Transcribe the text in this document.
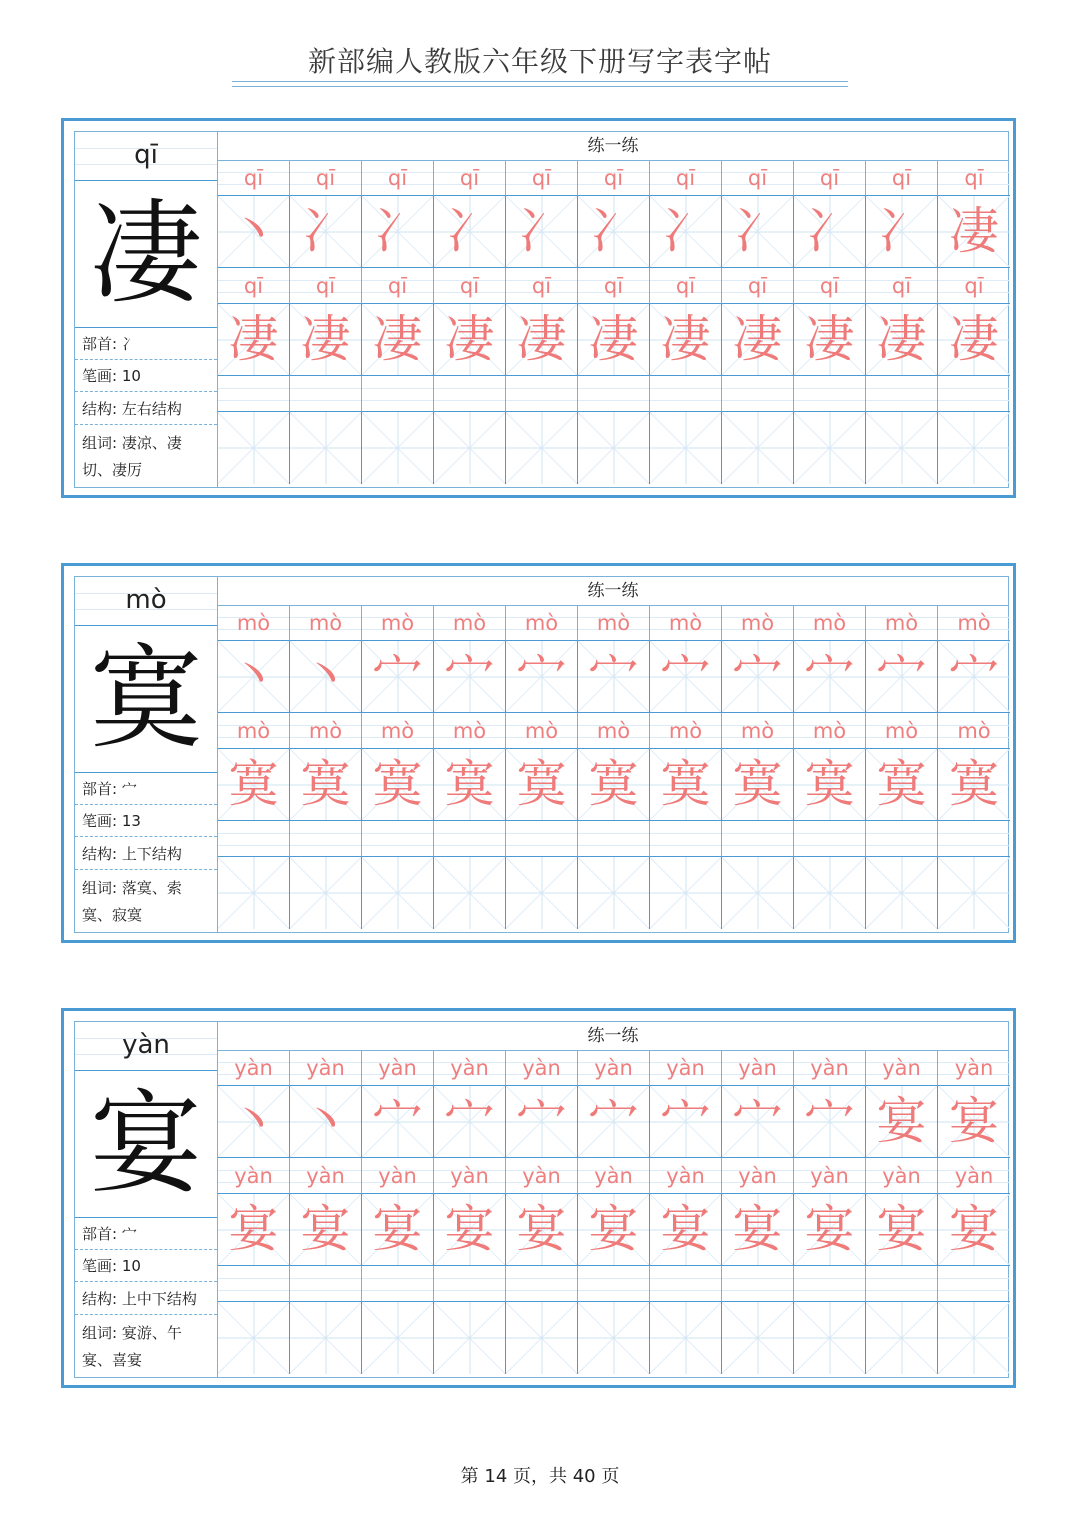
新部编人教版六年级下册写字表字帖
qī
凄
部首: 冫
笔画: 10
结构: 左右结构
组词: 凄凉、凄切、凄厉
练一练
qī	qī	qī	qī	qī	qī	qī	qī	qī	qī	qī
丶 冫 冫 冫 冫 冫 冫 冫 冫 冫 凄
qī	qī	qī	qī	qī	qī	qī	qī	qī	qī	qī
凄 凄 凄 凄 凄 凄 凄 凄 凄 凄 凄
mò
寞
部首: 宀
笔画: 13
结构: 上下结构
组词: 落寞、索寞、寂寞
练一练
mò	mò	mò	mò	mò	mò	mò	mò	mò	mò	mò
丶 丶 宀 宀 宀 宀 宀 宀 宀 宀 宀
mò	mò	mò	mò	mò	mò	mò	mò	mò	mò	mò
寞 寞 寞 寞 寞 寞 寞 寞 寞 寞 寞
yàn
宴
部首: 宀
笔画: 10
结构: 上中下结构
组词: 宴游、午宴、喜宴
练一练
yàn	yàn	yàn	yàn	yàn	yàn	yàn	yàn	yàn	yàn	yàn
丶 丶 宀 宀 宀 宀 宀 宀 宀 宴 宴
yàn	yàn	yàn	yàn	yàn	yàn	yàn	yàn	yàn	yàn	yàn
宴 宴 宴 宴 宴 宴 宴 宴 宴 宴 宴
第 14 页，共 40 页
